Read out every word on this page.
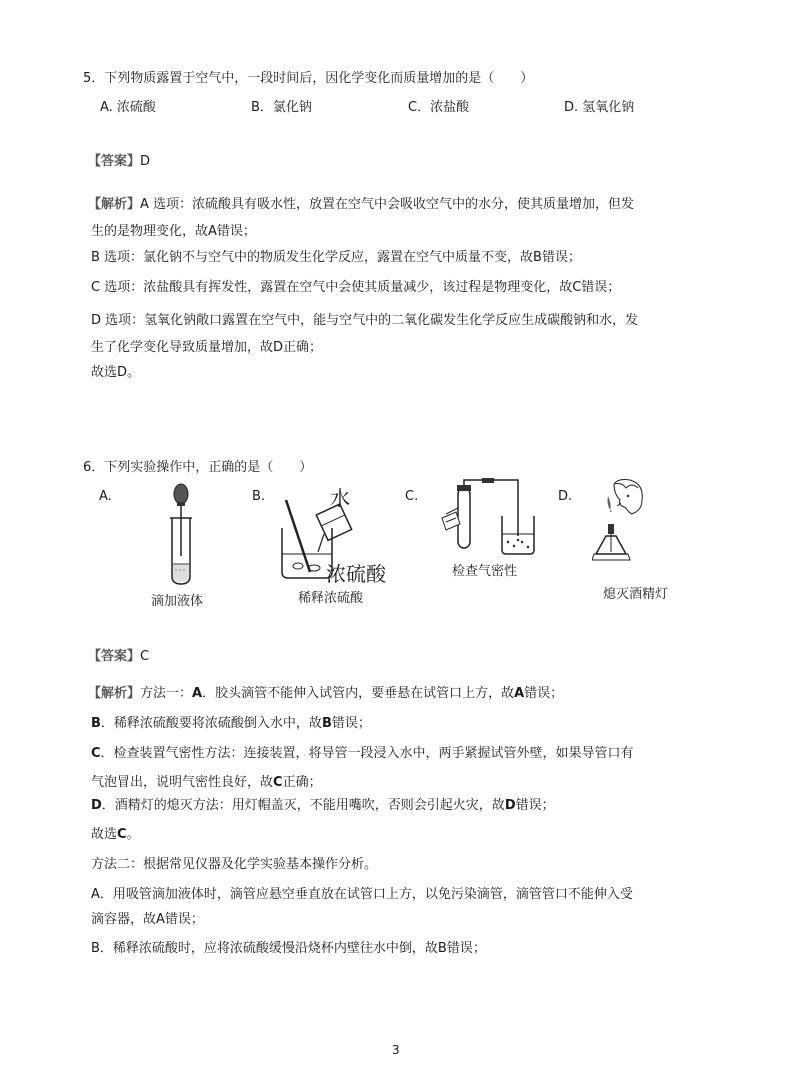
5．下列物质露置于空气中，一段时间后，因化学变化而质量增加的是（　　）
A. 浓硫酸	B．氯化钠	C．浓盐酸	D. 氢氧化钠
【答案】D
【解析】A 选项：浓硫酸具有吸水性，放置在空气中会吸收空气中的水分，使其质量增加，但发
生的是物理变化，故A错误；
B 选项：氯化钠不与空气中的物质发生化学反应，露置在空气中质量不变，故B错误；
C 选项：浓盐酸具有挥发性，露置在空气中会使其质量减少，该过程是物理变化，故C错误；
D 选项：氢氧化钠敞口露置在空气中，能与空气中的二氧化碳发生化学反应生成碳酸钠和水，发
生了化学变化导致质量增加，故D正确；
故选D。
6．下列实验操作中，正确的是（　　）
A.	B.	C.	D.
滴加液体
水
浓硫酸
稀释浓硫酸
检查气密性
熄灭酒精灯
【答案】C
【解析】方法一：A．胶头滴管不能伸入试管内，要垂悬在试管口上方，故A错误；
B．稀释浓硫酸要将浓硫酸倒入水中，故B错误；
C．检查装置气密性方法：连接装置，将导管一段浸入水中，两手紧握试管外壁，如果导管口有
气泡冒出，说明气密性良好，故C正确；
D．酒精灯的熄灭方法：用灯帽盖灭，不能用嘴吹，否则会引起火灾，故D错误；
故选C。
方法二：根据常见仪器及化学实验基本操作分析。
A．用吸管滴加液体时，滴管应悬空垂直放在试管口上方，以免污染滴管，滴管管口不能伸入受
滴容器，故A错误；
B．稀释浓硫酸时，应将浓硫酸缓慢沿烧杯内壁往水中倒，故B错误；
3
